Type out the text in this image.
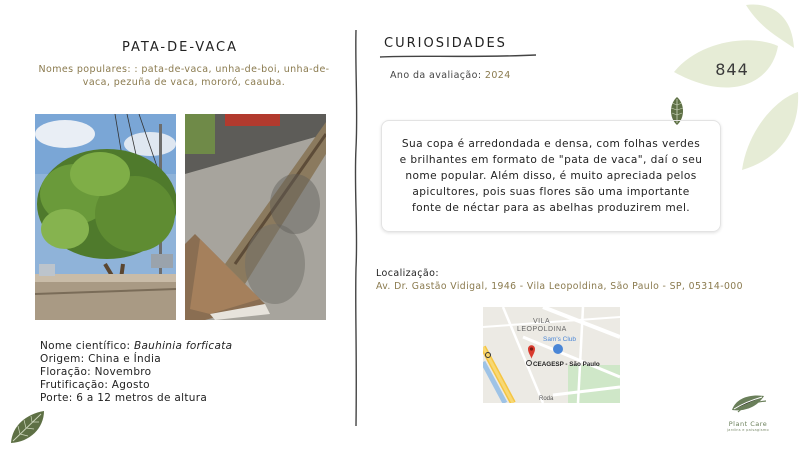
PATA-DE-VACA
Nomes populares: : pata-de-vaca, unha-de-boi, unha-de-vaca, pezuña de vaca, mororó, caauba.
Nome científico: Bauhinia forficata
Origem: China e Índia
Floração: Novembro
Frutificação: Agosto
Porte: 6 a 12 metros de altura
CURIOSIDADES
Ano da avaliação: 2024
Sua copa é arredondada e densa, com folhas verdes e brilhantes em formato de "pata de vaca", daí o seu nome popular. Além disso, é muito apreciada pelos apicultores, pois suas flores são uma importante fonte de néctar para as abelhas produzirem mel.
844
Localização:
Av. Dr. Gastão Vidigal, 1946 - Vila Leopoldina, São Paulo - SP, 05314-000
VILA
LEOPOLDINA
Sam's Club
CEAGESP - São Paulo
Roda
Plant Care
jardins e paisagismo
